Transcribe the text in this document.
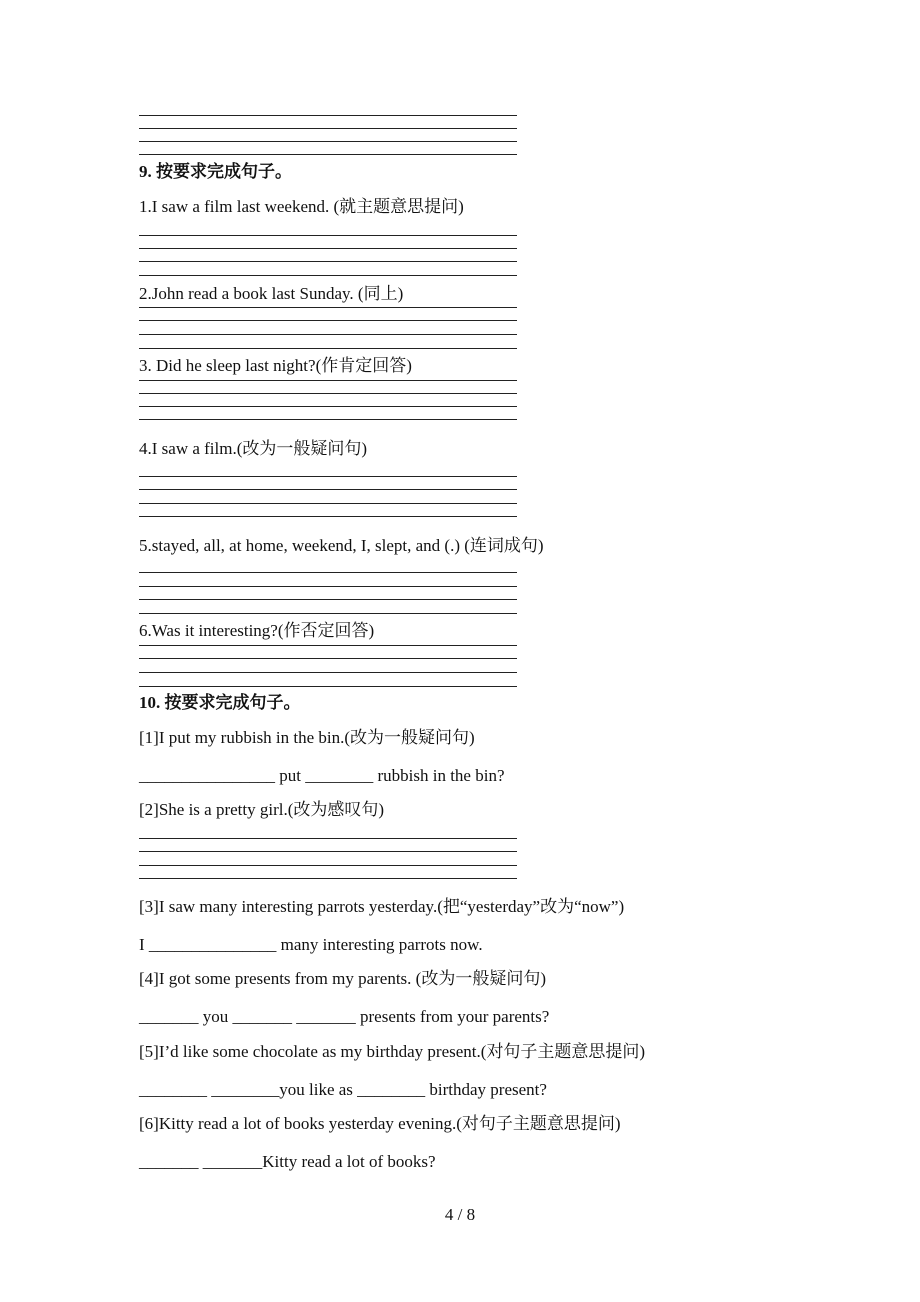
9. 按要求完成句子。
1.I saw a film last weekend. (就主题意思提问)
2.John read a book last Sunday. (同上)
3. Did he sleep last night?(作肯定回答)
4.I saw a film.(改为一般疑问句)
5.stayed, all, at home, weekend, I, slept, and (.) (连词成句)
6.Was it interesting?(作否定回答)
10. 按要求完成句子。
[1]I put my rubbish in the bin.(改为一般疑问句)
________________ put ________ rubbish in the bin?
[2]She is a pretty girl.(改为感叹句)
[3]I saw many interesting parrots yesterday.(把“yesterday”改为“now”)
I _______________ many interesting parrots now.
[4]I got some presents from my parents. (改为一般疑问句)
_______ you _______ _______ presents from your parents?
[5]I’d like some chocolate as my birthday present.(对句子主题意思提问)
________ ________you like as ________ birthday present?
[6]Kitty read a lot of books yesterday evening.(对句子主题意思提问)
_______ _______Kitty read a lot of books?
4 / 8
